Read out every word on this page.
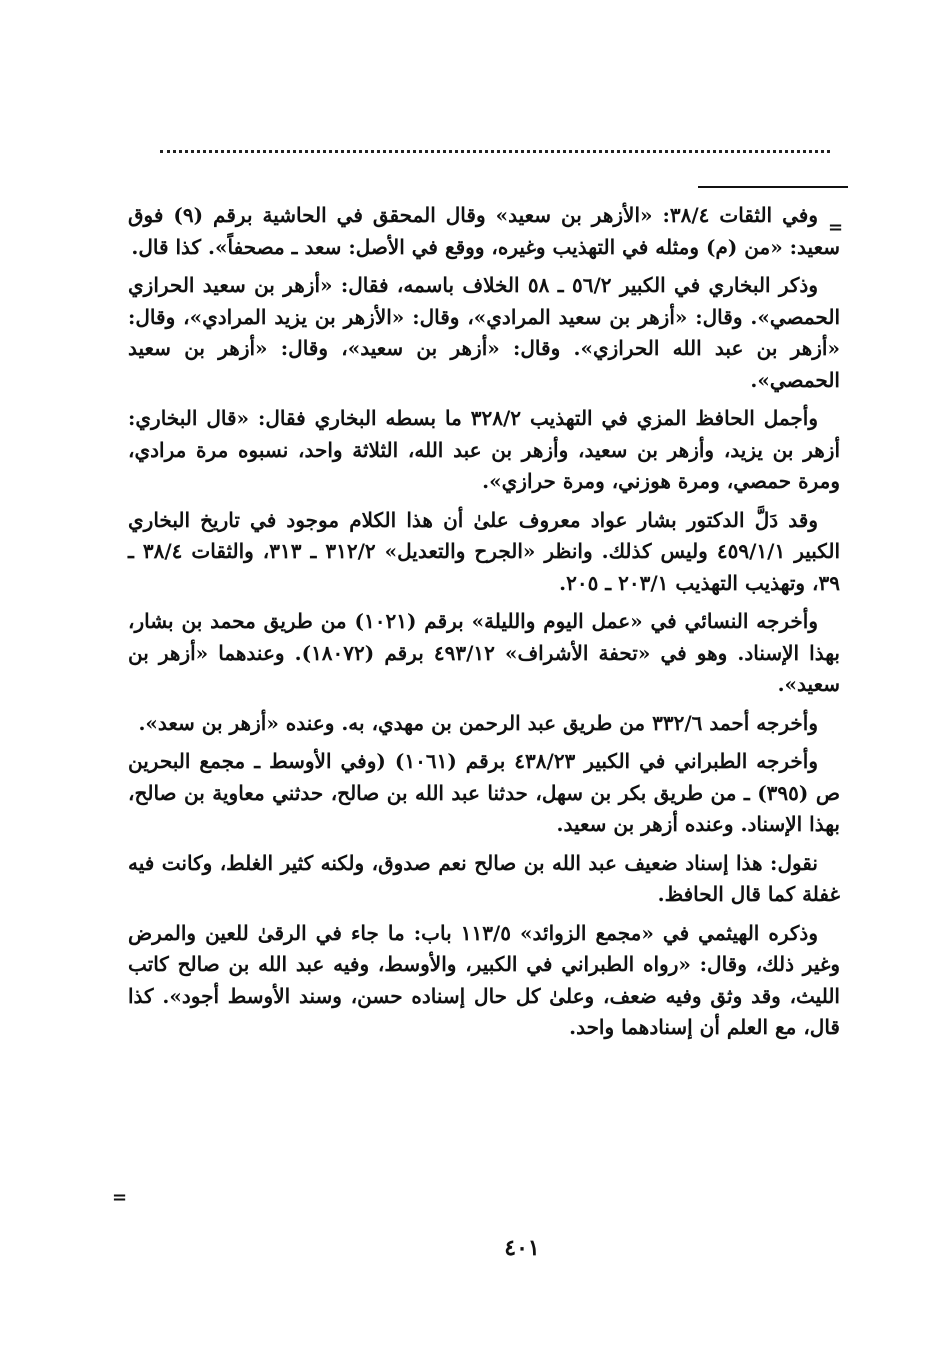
=

وفي الثقات ٣٨/٤: «الأزهر بن سعيد» وقال المحقق في الحاشية برقم (٩) فوق سعيد: «من (م) ومثله في التهذيب وغيره، ووقع في الأصل: سعد ـ مصحفاً». كذا قال.

وذكر البخاري في الكبير ٥٦/٢ ـ ٥٨ الخلاف باسمه، فقال: «أزهر بن سعيد الحرازي الحمصي». وقال: «أزهر بن سعيد المرادي»، وقال: «الأزهر بن يزيد المرادي»، وقال: «أزهر بن عبد الله الحرازي». وقال: «أزهر بن سعيد»، وقال: «أزهر بن سعيد الحمصي».

وأجمل الحافظ المزي في التهذيب ٣٢٨/٢ ما بسطه البخاري فقال: «قال البخاري: أزهر بن يزيد، وأزهر بن سعيد، وأزهر بن عبد الله، الثلاثة واحد، نسبوه مرة مرادي، ومرة حمصي، ومرة هوزني، ومرة حرازي».

وقد دَلَّ الدكتور بشار عواد معروف علىٰ أن هذا الكلام موجود في تاريخ البخاري الكبير ٤٥٩/١/١ وليس كذلك. وانظر «الجرح والتعديل» ٣١٢/٢ ـ ٣١٣، والثقات ٣٨/٤ ـ ٣٩، وتهذيب التهذيب ٢٠٣/١ ـ ٢٠٥.

وأخرجه النسائي في «عمل اليوم والليلة» برقم (١٠٢١) من طريق محمد بن بشار، بهذا الإسناد. وهو في «تحفة الأشراف» ٤٩٣/١٢ برقم (١٨٠٧٢). وعندهما «أزهر بن سعيد».

وأخرجه أحمد ٣٣٢/٦ من طريق عبد الرحمن بن مهدي، به. وعنده «أزهر بن سعد».

وأخرجه الطبراني في الكبير ٤٣٨/٢٣ برقم (١٠٦١) (وفي الأوسط ـ مجمع البحرين ص (٣٩٥) ـ من طريق بكر بن سهل، حدثنا عبد الله بن صالح، حدثني معاوية بن صالح، بهذا الإسناد. وعنده أزهر بن سعيد.

نقول: هذا إسناد ضعيف عبد الله بن صالح نعم صدوق، ولكنه كثير الغلط، وكانت فيه غفلة كما قال الحافظ.

وذكره الهيثمي في «مجمع الزوائد» ١١٣/٥ باب: ما جاء في الرقىٰ للعين والمرض وغير ذلك، وقال: «رواه الطبراني في الكبير، والأوسط، وفيه عبد الله بن صالح كاتب الليث، وقد وثق وفيه ضعف، وعلىٰ كل حال إسناده حسن، وسند الأوسط أجود». كذا قال، مع العلم أن إسنادهما واحد.

=
٤٠١
